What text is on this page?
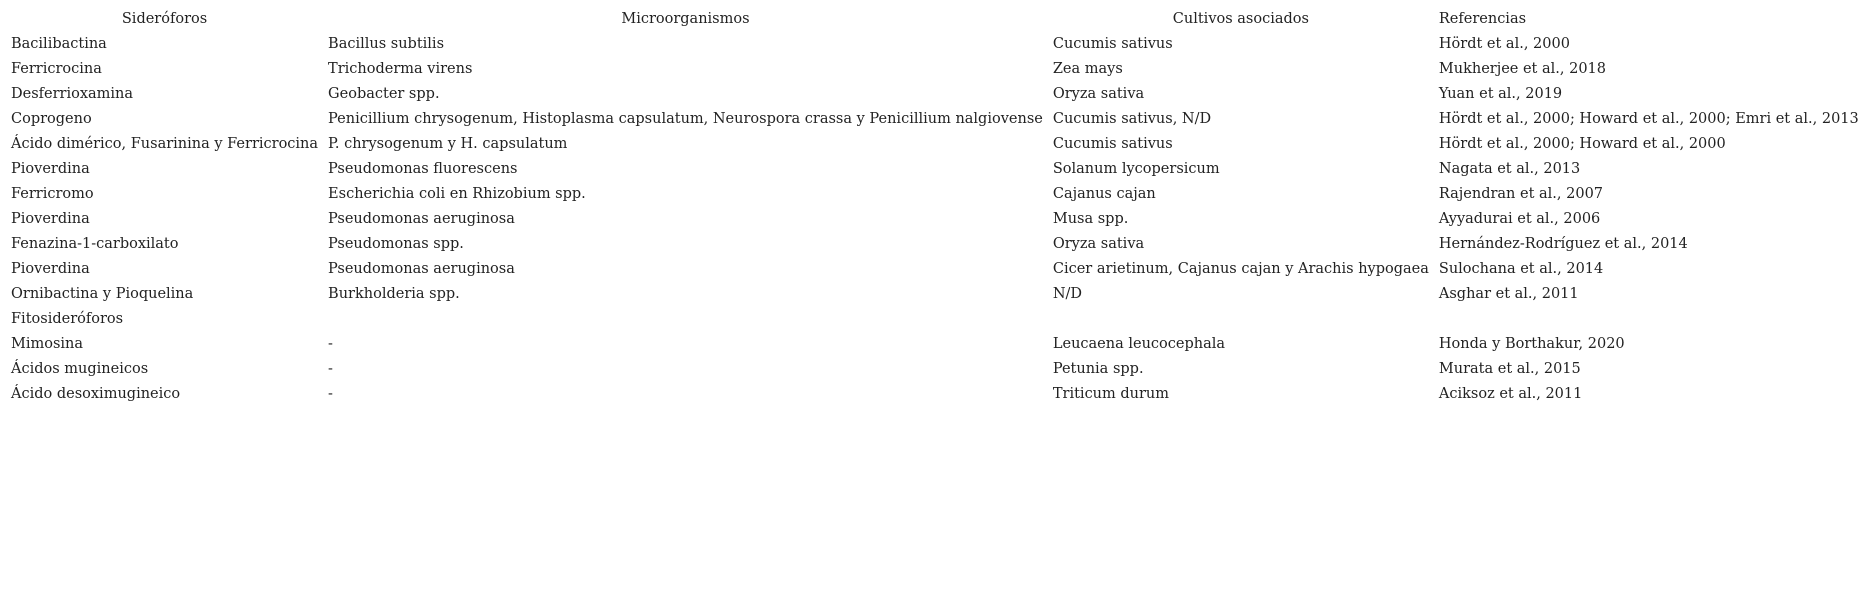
Sideróforos	Microorganismos	Cultivos asociados	Referencias
Bacilibactina	Bacillus subtilis	Cucumis sativus	Hördt et al., 2000
Ferricrocina	Trichoderma virens	Zea mays	Mukherjee et al., 2018
Desferrioxamina	Geobacter spp.	Oryza sativa	Yuan et al., 2019
Coprogeno	Penicillium chrysogenum, Histoplasma capsulatum, Neurospora crassa y Penicillium nalgiovense	Cucumis sativus, N/D	Hördt et al., 2000; Howard et al., 2000; Emri et al., 2013
Ácido dimérico, Fusarinina y Ferricrocina	P. chrysogenum y H. capsulatum	Cucumis sativus	Hördt et al., 2000; Howard et al., 2000
Pioverdina	Pseudomonas fluorescens	Solanum lycopersicum	Nagata et al., 2013
Ferricromo	Escherichia coli en Rhizobium spp.	Cajanus cajan	Rajendran et al., 2007
Pioverdina	Pseudomonas aeruginosa	Musa spp.	Ayyadurai et al., 2006
Fenazina-1-carboxilato	Pseudomonas spp.	Oryza sativa	Hernández-Rodríguez et al., 2014
Pioverdina	Pseudomonas aeruginosa	Cicer arietinum, Cajanus cajan y Arachis hypogaea	Sulochana et al., 2014
Ornibactina y Pioquelina	Burkholderia spp.	N/D	Asghar et al., 2011
Fitosideróforos			
Mimosina	-	Leucaena leucocephala	Honda y Borthakur, 2020
Ácidos mugineicos	-	Petunia spp.	Murata et al., 2015
Ácido desoximugineico	-	Triticum durum	Aciksoz et al., 2011
